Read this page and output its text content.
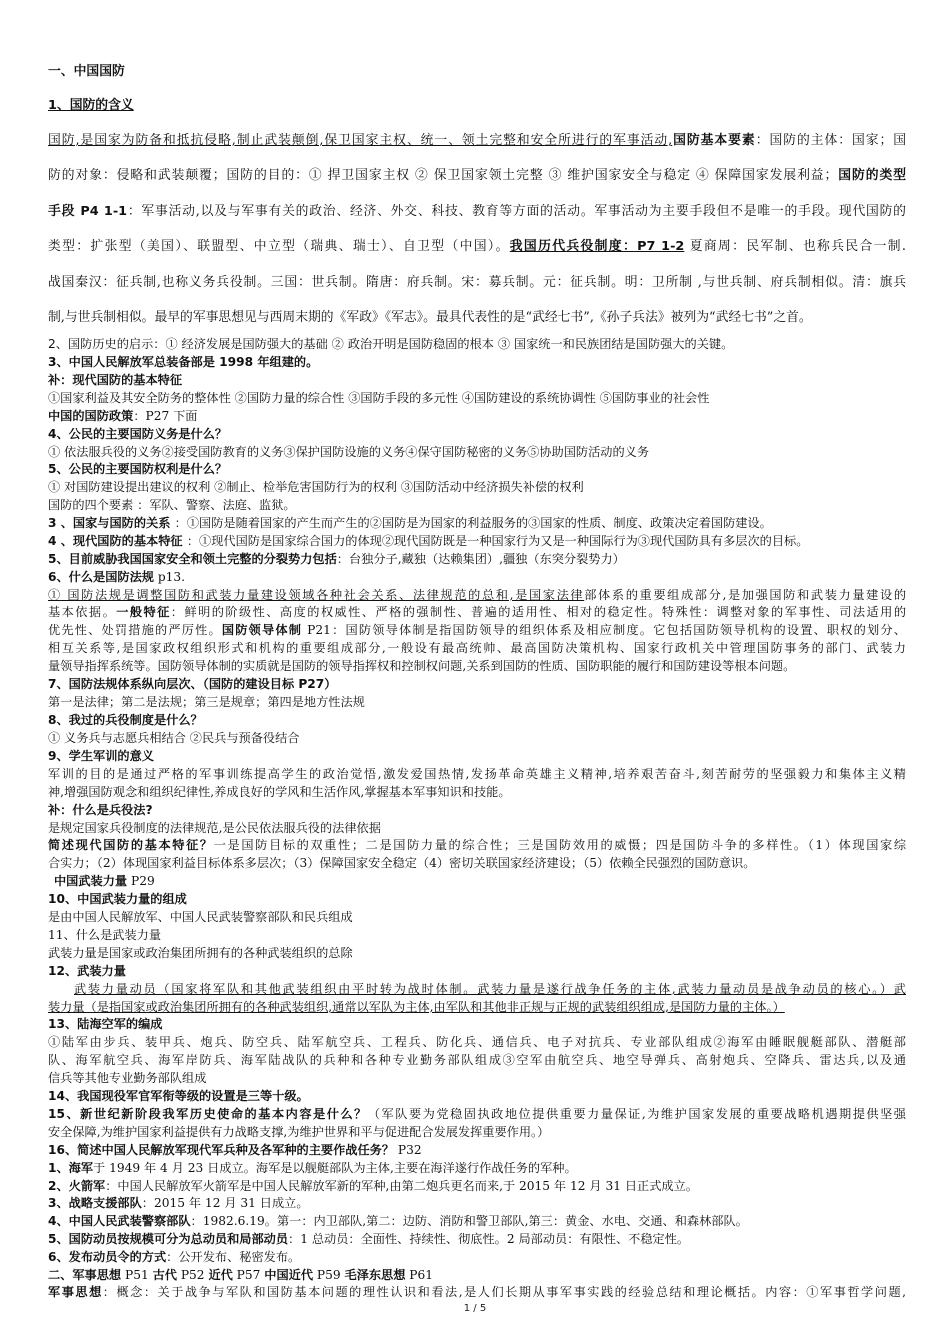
一、中国国防
1、国防的含义
国防,是国家为防备和抵抗侵略,制止武装颠倒,保卫国家主权、统一、领土完整和安全所进行的军事活动,国防基本要素：国防的主体：国家；国
防的对象：侵略和武装颠覆；国防的目的：① 捍卫国家主权 ② 保卫国家领土完整 ③ 维护国家安全与稳定 ④ 保障国家发展利益；国防的类型
手段 P4 1-1：军事活动,以及与军事有关的政治、经济、外交、科技、教育等方面的活动。军事活动为主要手段但不是唯一的手段。现代国防的
类型：扩张型（美国）、联盟型、中立型（瑞典、瑞士）、自卫型（中国）。我国历代兵役制度：P7 1-2 夏商周：民军制、也称兵民合一制.
战国秦汉：征兵制,也称义务兵役制。三国：世兵制。隋唐：府兵制。宋：募兵制。元：征兵制。明：卫所制 ,与世兵制、府兵制相似。清：旗兵
制,与世兵制相似。最早的军事思想见与西周末期的《军政》《军志》。最具代表性的是“武经七书”,《孙子兵法》被列为“武经七书”之首。
2、国防历史的启示：① 经济发展是国防强大的基础 ② 政治开明是国防稳固的根本 ③ 国家统一和民族团结是国防强大的关键。
3、中国人民解放军总装备部是 1998 年组建的。
补：现代国防的基本特征
①国家利益及其安全防务的整体性 ②国防力量的综合性 ③国防手段的多元性 ④国防建设的系统协调性 ⑤国防事业的社会性
中国的国防政策：P27 下面
4、公民的主要国防义务是什么？
① 依法服兵役的义务②接受国防教育的义务③保护国防设施的义务④保守国防秘密的义务⑤协助国防活动的义务
5、公民的主要国防权利是什么？
① 对国防建设提出建议的权利 ②制止、检举危害国防行为的权利 ③国防活动中经济损失补偿的权利
国防的四个要素 ：军队、警察、法庭、监狱。
3 、国家与国防的关系 ：①国防是随着国家的产生而产生的②国防是为国家的利益服务的③国家的性质、制度、政策决定着国防建设。
4 、现代国防的基本特征 ：①现代国防是国家综合国力的体现②现代国防既是一种国家行为又是一种国际行为③现代国防具有多层次的目标。
5、目前威胁我国国家安全和领土完整的分裂势力包括：台独分子,藏独（达赖集团）,疆独（东突分裂势力）
6、什么是国防法规 p13.
① 国防法规是调整国防和武装力量建设领域各种社会关系、法律规范的总和,是国家法律部体系的重要组成部分,是加强国防和武装力量建设的
基本依据。一般特征：鲜明的阶级性、高度的权威性、严格的强制性、普遍的适用性、相对的稳定性。特殊性：调整对象的军事性、司法适用的
优先性、处罚措施的严厉性。国防领导体制 P21：国防领导体制是指国防领导的组织体系及相应制度。它包括国防领导机构的设置、职权的划分、
相互关系等,是国家政权组织形式和机构的重要组成部分,一般设有最高统帅、最高国防决策机构、国家行政机关中管理国防事务的部门、武装力
量领导指挥系统等。国防领导体制的实质就是国防的领导指挥权和控制权问题,关系到国防的性质、国防职能的履行和国防建设等根本问题。
7、国防法规体系纵向层次、（国防的建设目标 P27）
第一是法律；第二是法规；第三是规章；第四是地方性法规
8、我过的兵役制度是什么？
① 义务兵与志愿兵相结合 ②民兵与预备役结合
9、学生军训的意义
军训的目的是通过严格的军事训练提高学生的政治觉悟,激发爱国热情,发扬革命英雄主义精神,培养艰苦奋斗,刻苦耐劳的坚强毅力和集体主义精
神,增强国防观念和组织纪律性,养成良好的学风和生活作风,掌握基本军事知识和技能。
补：什么是兵役法?
是规定国家兵役制度的法律规范,是公民依法服兵役的法律依据
简述现代国防的基本特征？一是国防目标的双重性；二是国防力量的综合性；三是国防效用的威慑；四是国防斗争的多样性。（1）体现国家综
合实力；（2）体现国家利益目标体系多层次；（3）保障国家安全稳定（4）密切关联国家经济建设；（5）依赖全民强烈的国防意识。
中国武装力量 P29
10、中国武装力量的组成
是由中国人民解放军、中国人民武装警察部队和民兵组成
11、什么是武装力量
武装力量是国家或政治集团所拥有的各种武装组织的总除
12、武装力量
武装力量动员（国家将军队和其他武装组织由平时转为战时体制。武装力量是遂行战争任务的主体,武装力量动员是战争动员的核心。）武
装力量（是指国家或政治集团所拥有的各种武装组织,通常以军队为主体,由军队和其他非正规与正规的武装组织组成,是国防力量的主体。）
13、陆海空军的编成
①陆军由步兵、装甲兵、炮兵、防空兵、陆军航空兵、工程兵、防化兵、通信兵、电子对抗兵、专业部队组成②海军由睡眠舰艇部队、潜艇部
队、海军航空兵、海军岸防兵、海军陆战队的兵种和各种专业勤务部队组成③空军由航空兵、地空导弹兵、高射炮兵、空降兵、雷达兵,以及通
信兵等其他专业勤务部队组成
14、我国现役军官军衔等级的设置是三等十级。
15、新世纪新阶段我军历史使命的基本内容是什么？（军队要为党稳固执政地位提供重要力量保证,为维护国家发展的重要战略机遇期提供坚强
安全保障,为维护国家利益提供有力战略支撑,为维护世界和平与促进配合发展发挥重要作用。）
16、简述中国人民解放军现代军兵种及各军种的主要作战任务？ P32
1、海军于 1949 年 4 月 23 日成立。海军是以舰艇部队为主体,主要在海洋遂行作战任务的军种。
2、火箭军：中国人民解放军火箭军是中国人民解放军新的军种,由第二炮兵更名而来,于 2015 年 12 月 31 日正式成立。
3、战略支援部队：2015 年 12 月 31 日成立。
4、中国人民武装警察部队：1982.6.19。第一：内卫部队,第二：边防、消防和警卫部队,第三：黄金、水电、交通、和森林部队。
5、国防动员按规模可分为总动员和局部动员：1 总动员：全面性、持续性、彻底性。2 局部动员：有限性、不稳定性。
6、发布动员令的方式：公开发布、秘密发布。
二、军事思想 P51 古代 P52 近代 P57 中国近代 P59 毛泽东思想 P61
军事思想：概念：关于战争与军队和国防基本问题的理性认识和看法,是人们长期从事军事实践的经验总结和理论概括。内容：①军事哲学问题,
1 / 5
